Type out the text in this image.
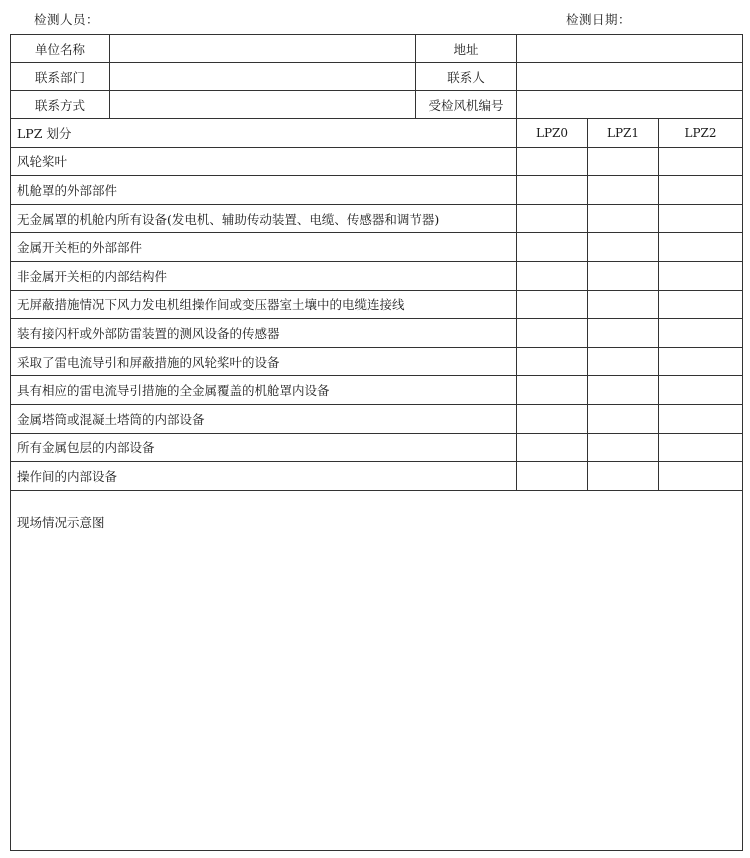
检测人员：	检测日期：
单位名称		地址			
联系部门		联系人			
联系方式		受检风机编号			
LPZ 划分			LPZ0	LPZ1	LPZ2
风轮桨叶					
机舱罩的外部部件					
无金属罩的机舱内所有设备(发电机、辅助传动装置、电缆、传感器和调节器)					
金属开关柜的外部部件					
非金属开关柜的内部结构件					
无屏蔽措施情况下风力发电机组操作间或变压器室土壤中的电缆连接线					
装有接闪杆或外部防雷装置的测风设备的传感器					
采取了雷电流导引和屏蔽措施的风轮桨叶的设备					
具有相应的雷电流导引措施的全金属覆盖的机舱罩内设备					
金属塔筒或混凝土塔筒的内部设备					
所有金属包层的内部设备					
操作间的内部设备					
现场情况示意图					
